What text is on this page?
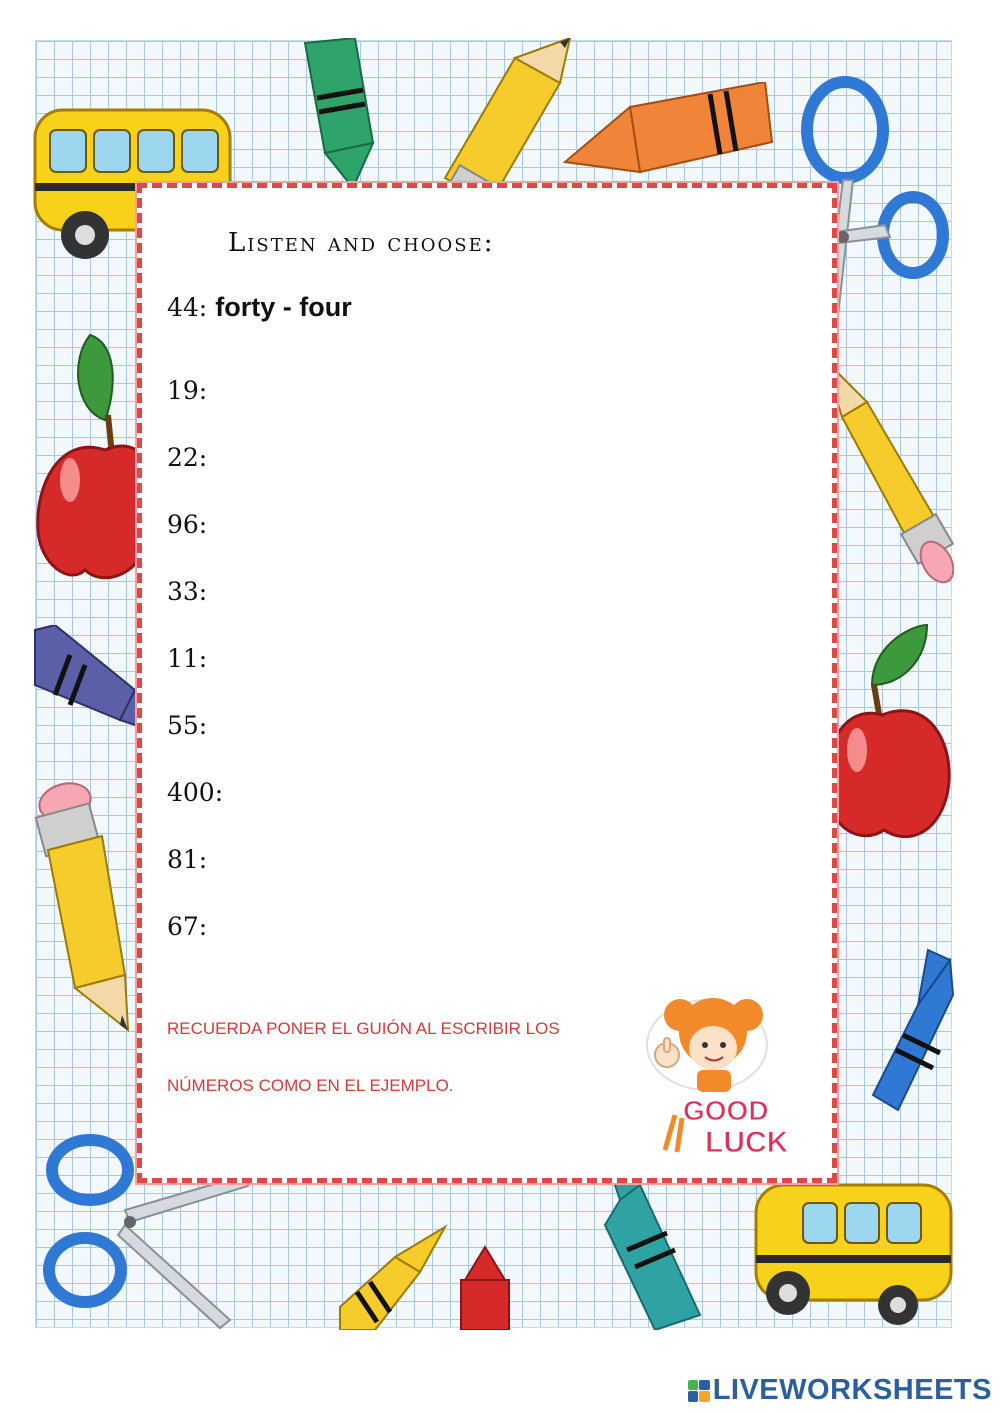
Listen and choose:
44: forty - four
19:
22:
96:
33:
11:
55:
400:
81:
67:
RECUERDA PONER EL GUIÓN AL ESCRIBIR LOS
NÚMEROS COMO EN EL EJEMPLO.
GOOD
LUCK
LIVEWORKSHEETS
